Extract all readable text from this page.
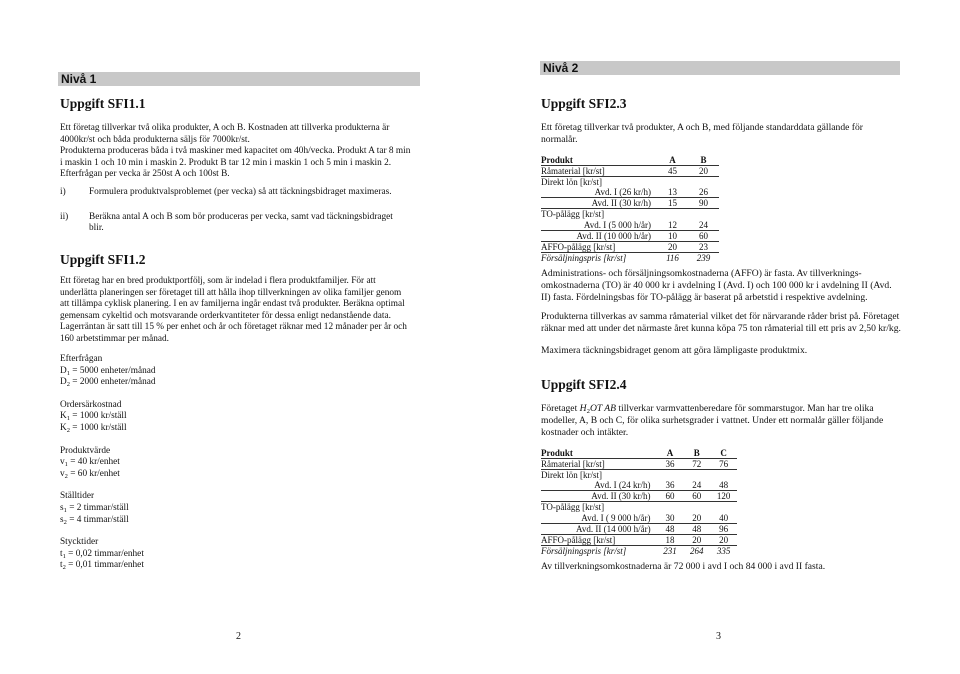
Nivå 1
Uppgift SFI1.1
Ett företag tillverkar två olika produkter, A och B. Kostnaden att tillverka produkterna är
4000kr/st och båda produkterna säljs för 7000kr/st.
Produkterna produceras båda i två maskiner med kapacitet om 40h/vecka. Produkt A tar 8 min
i maskin 1 och 10 min i maskin 2. Produkt B tar 12 min i maskin 1 och 5 min i maskin 2.
Efterfrågan per vecka är 250st A och 100st B.
i)	Formulera produktvalsproblemet (per vecka) så att täckningsbidraget maximeras.
ii)	Beräkna antal A och B som bör produceras per vecka, samt vad täckningsbidraget
blir.
Uppgift SFI1.2
Ett företag har en bred produktportfölj, som är indelad i flera produktfamiljer. För att
underlätta planeringen ser företaget till att hålla ihop tillverkningen av olika familjer genom
att tillämpa cyklisk planering. I en av familjerna ingår endast två produkter. Beräkna optimal
gemensam cykeltid och motsvarande orderkvantiteter för dessa enligt nedanstående data.
Lagerräntan är satt till 15 % per enhet och år och företaget räknar med 12 månader per år och
160 arbetstimmar per månad.
Efterfrågan
$D_1 = 5000$ enheter/månad
$D_2 = 2000$ enheter/månad
Ordersärkostnad
$K_1 = 1000$ kr/ställ
$K_2 = 1000$ kr/ställ
Produktvärde
$v_1 = 40$ kr/enhet
$v_2 = 60$ kr/enhet
Ställtider
$s_1 = 2$ timmar/ställ
$s_2 = 4$ timmar/ställ
Stycktider
$t_1 = 0,02$ timmar/enhet
$t_2 = 0,01$ timmar/enhet
2
Nivå 2
Uppgift SFI2.3
Ett företag tillverkar två produkter, A och B, med följande standarddata gällande för
normalår.
Produkt	A	B
Råmaterial [kr/st]	45	20
Direkt lön [kr/st]		
Avd. I (26 kr/h)	13	26
Avd. II (30 kr/h)	15	90
TO-pålägg [kr/st]		
Avd. I (5 000 h/år)	12	24
Avd. II (10 000 h/år)	10	60
AFFO-pålägg [kr/st]	20	23
Försäljningspris [kr/st]	116	239
Administrations- och försäljningsomkostnaderna (AFFO) är fasta. Av tillverknings-
omkostnaderna (TO) är 40 000 kr i avdelning I (Avd. I) och 100 000 kr i avdelning II (Avd.
II) fasta. Fördelningsbas för TO-pålägg är baserat på arbetstid i respektive avdelning.
Produkterna tillverkas av samma råmaterial vilket det för närvarande råder brist på. Företaget
räknar med att under det närmaste året kunna köpa 75 ton råmaterial till ett pris av 2,50 kr/kg.
Maximera täckningsbidraget genom att göra lämpligaste produktmix.
Uppgift SFI2.4
Företaget $H_2OT$ AB tillverkar varmvattenberedare för sommarstugor. Man har tre olika
modeller, A, B och C, för olika surhetsgrader i vattnet. Under ett normalår gäller följande
kostnader och intäkter.
Produkt	A	B	C
Råmaterial [kr/st]	36	72	76
Direkt lön [kr/st]			
Avd. I (24 kr/h)	36	24	48
Avd. II (30 kr/h)	60	60	120
TO-pålägg [kr/st]			
Avd. I ( 9 000 h/år)	30	20	40
Avd. II (14 000 h/år)	48	48	96
AFFO-pålägg [kr/st]	18	20	20
Försäljningspris [kr/st]	231	264	335
Av tillverkningsomkostnaderna är 72 000 i avd I och 84 000 i avd II fasta.
3
